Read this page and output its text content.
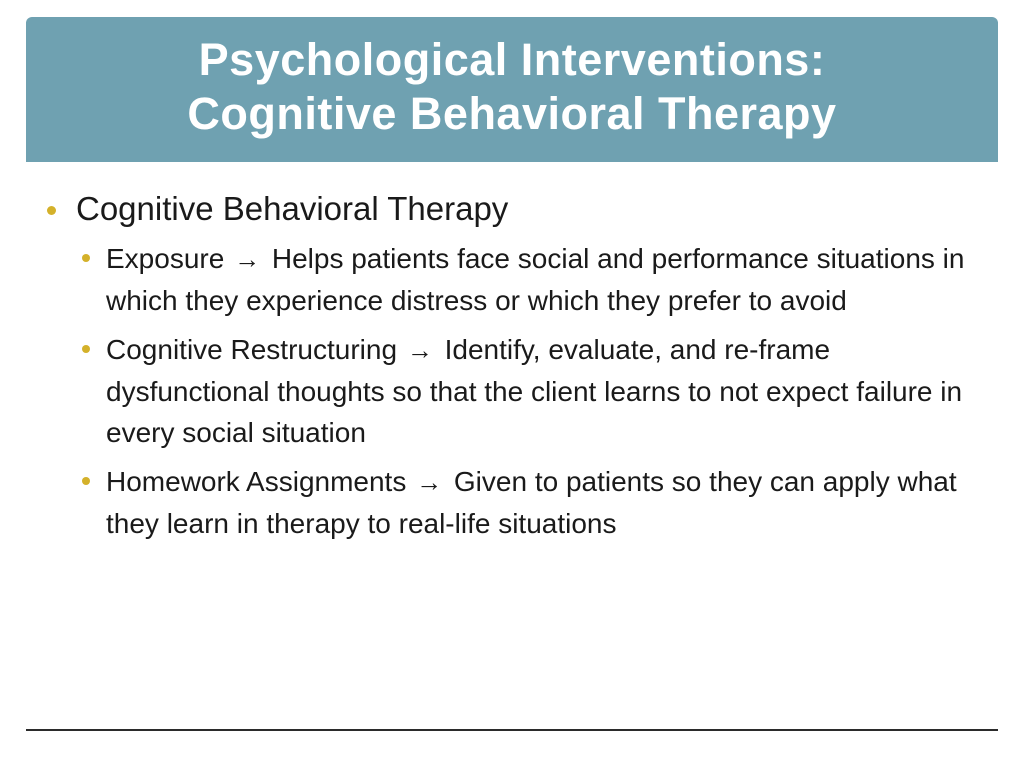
Psychological Interventions:
Cognitive Behavioral Therapy
Cognitive Behavioral Therapy
Exposure → Helps patients face social and performance situations in which they experience distress or which they prefer to avoid
Cognitive Restructuring → Identify, evaluate, and re-frame dysfunctional thoughts so that the client learns to not expect failure in every social situation
Homework Assignments → Given to patients so they can apply what they learn in therapy to real-life situations
